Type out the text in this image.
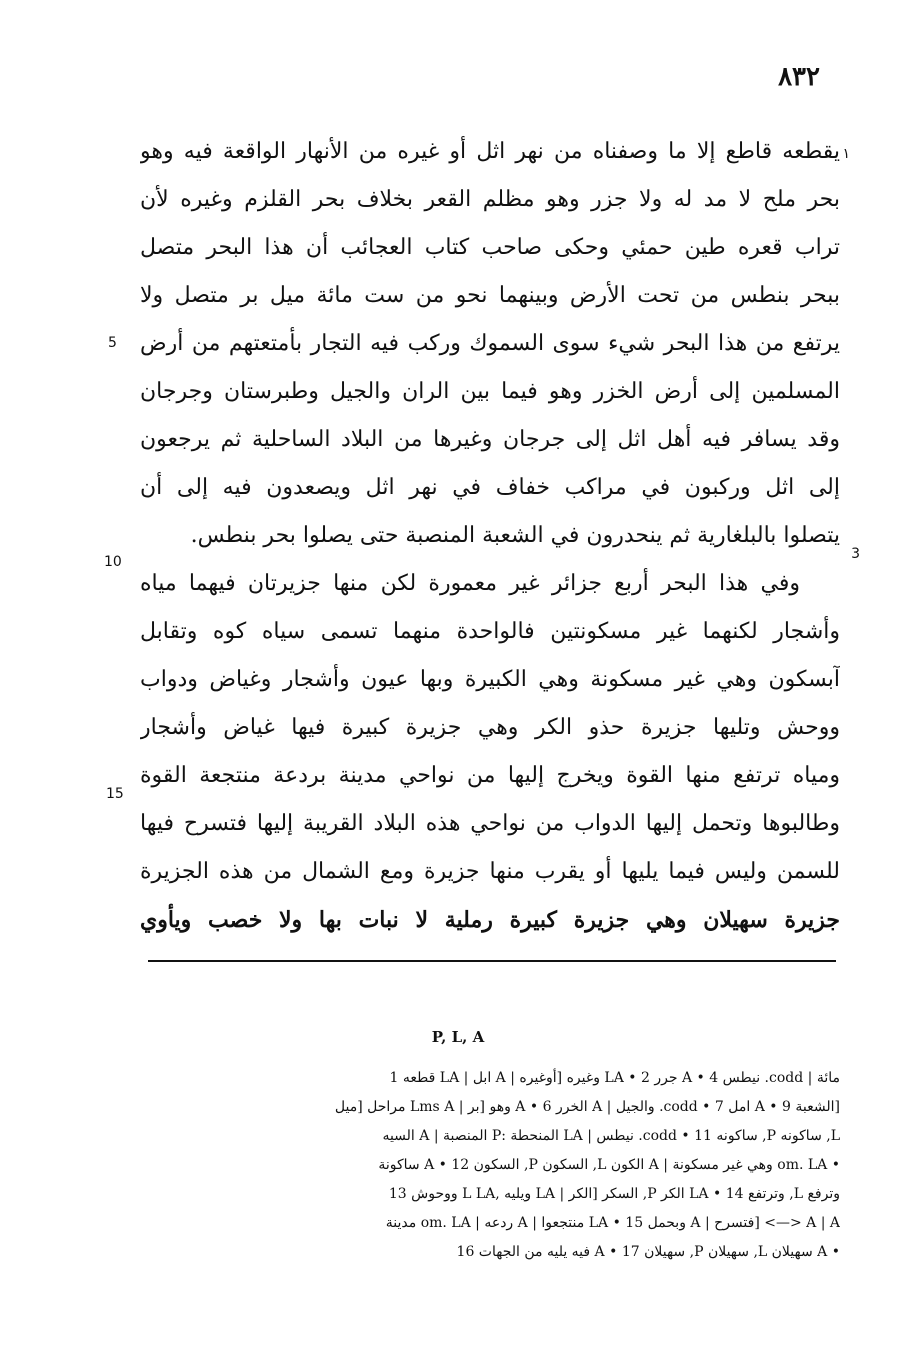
٨٣٢
١
5
10	3
15
يقطعه قاطع إلا ما وصفناه من نهر اثل أو غيره من الأنهار الواقعة فيه وهو
بحر ملح لا مد له ولا جزر وهو مظلم القعر بخلاف بحر القلزم وغيره لأن
تراب قعره طين حمئي وحكى صاحب كتاب العجائب أن هذا البحر متصل
ببحر بنطس من تحت الأرض وبينهما نحو من ست مائة ميل بر متصل ولا
يرتفع من هذا البحر شيء سوى السموك وركب فيه التجار بأمتعتهم من أرض
المسلمين إلى أرض الخزر وهو فيما بين الران والجيل وطبرستان وجرجان
وقد يسافر فيه أهل اثل إلى جرجان وغيرها من البلاد الساحلية ثم يرجعون
إلى اثل وركبون في مراكب خفاف في نهر اثل ويصعدون فيه إلى أن
يتصلوا بالبلغارية ثم ينحدرون في الشعبة المنصبة حتى يصلوا بحر بنطس.
وفي هذا البحر أربع جزائر غير معمورة لكن منها جزيرتان فيهما مياه
وأشجار لكنهما غير مسكونتين فالواحدة منهما تسمى سياه كوه وتقابل
آبسكون وهي غير مسكونة وهي الكبيرة وبها عيون وأشجار وغياض ودواب
ووحش وتليها جزيرة حذو الكر وهي جزيرة كبيرة فيها غياض وأشجار
ومياه ترتفع منها القوة ويخرج إليها من نواحي مدينة بردعة منتجعة القوة
وطالبوها وتحمل إليها الدواب من نواحي هذه البلاد القريبة إليها فتسرح فيها
للسمن وليس فيما يليها أو يقرب منها جزيرة ومع الشمال من هذه الجزيرة
جزيرة سهيلان وهي جزيرة كبيرة رملية لا نبات بها ولا خصب ويأوي
P, L, A
مائة | codd. نيطس 4 • A جرر 2 • LA وغيره [أوغيره | A ابل | LA قطعه 1
[الشعبة 9 • A امل 7 • codd. والجيل | A الخرر 6 • A وهو [بر | Lms A مراحل [ميل
L, ساكونه P, ساكونه 11 • codd. نيطس | LA المنحطة :P المنصبة | A السيه
• om. LA وهي غير مسكونة | A الكون L, السكون P, السكون 12 • A ساكونة
وترفع L, وترتفع 14 • LA الكر P, السكر [الكر | LA ويليه ,L LA ووحوش 13
A | A <—> [فتسرح | A وبحمل 15 • LA منتجعوا | A ردعه | om. LA مدينة
• A سهيلان L, سهيلان P, سهيلان 17 • A فيه يليه من الجهات 16
